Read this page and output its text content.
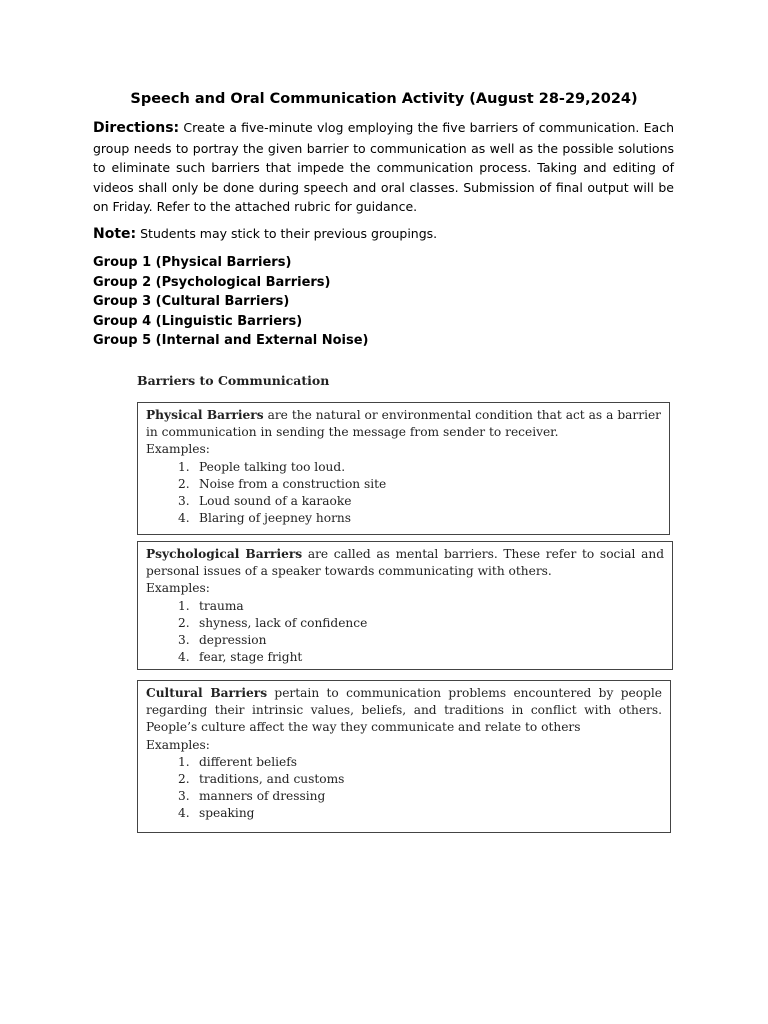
Speech and Oral Communication Activity (August 28-29,2024)

Directions: Create a five-minute vlog employing the five barriers of communication. Each group needs to portray the given barrier to communication as well as the possible solutions to eliminate such barriers that impede the communication process. Taking and editing of videos shall only be done during speech and oral classes. Submission of final output will be on Friday. Refer to the attached rubric for guidance.

Note: Students may stick to their previous groupings.

Group 1 (Physical Barriers)
Group 2 (Psychological Barriers)
Group 3 (Cultural Barriers)
Group 4 (Linguistic Barriers)
Group 5 (Internal and External Noise)
Barriers to Communication

Physical Barriers are the natural or environmental condition that act as a barrier in communication in sending the message from sender to receiver.

Examples:
1. People talking too loud.
2. Noise from a construction site
3. Loud sound of a karaoke
4. Blaring of jeepney horns

Psychological Barriers are called as mental barriers. These refer to social and personal issues of a speaker towards communicating with others.

Examples:
1. trauma
2. shyness, lack of confidence
3. depression
4. fear, stage fright

Cultural Barriers pertain to communication problems encountered by people regarding their intrinsic values, beliefs, and traditions in conflict with others. People’s culture affect the way they communicate and relate to others

Examples:
1. different beliefs
2. traditions, and customs
3. manners of dressing
4. speaking
